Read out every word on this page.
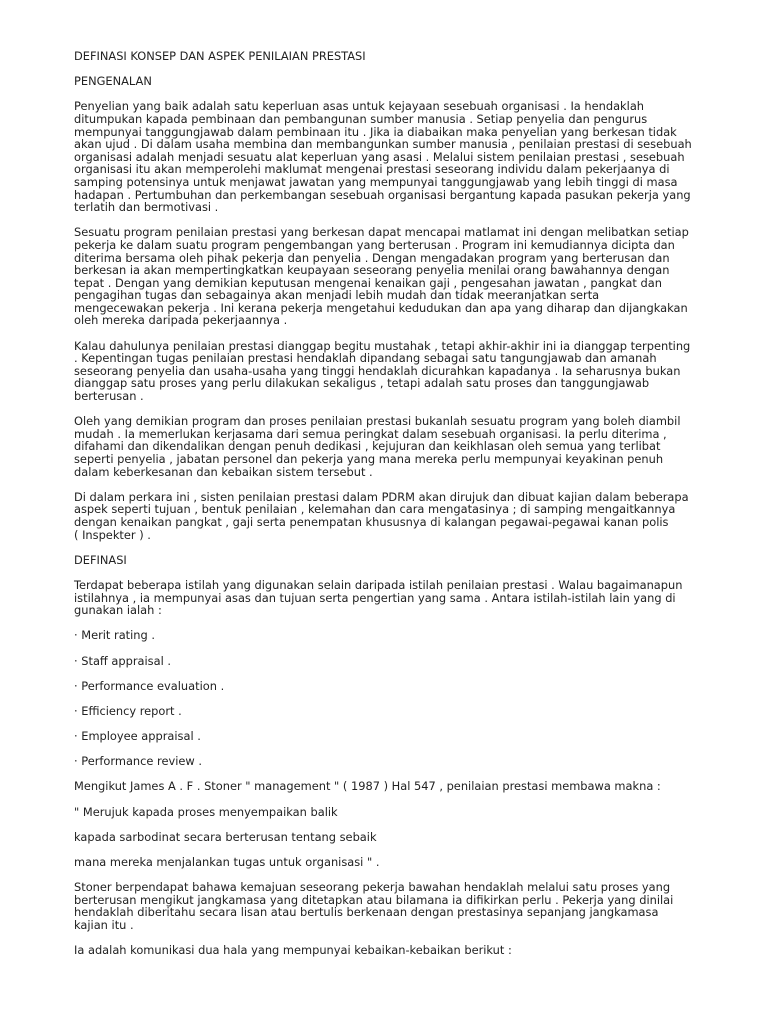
DEFINASI KONSEP DAN ASPEK PENILAIAN PRESTASI

PENGENALAN

Penyelian yang baik adalah satu keperluan asas untuk kejayaan sesebuah organisasi . Ia hendaklah
ditumpukan kapada pembinaan dan pembangunan sumber manusia . Setiap penyelia dan pengurus
mempunyai tanggungjawab dalam pembinaan itu . Jika ia diabaikan maka penyelian yang berkesan tidak
akan ujud . Di dalam usaha membina dan membangunkan sumber manusia , penilaian prestasi di sesebuah
organisasi adalah menjadi sesuatu alat keperluan yang asasi . Melalui sistem penilaian prestasi , sesebuah
organisasi itu akan memperolehi maklumat mengenai prestasi seseorang individu dalam pekerjaanya di
samping potensinya untuk menjawat jawatan yang mempunyai tanggungjawab yang lebih tinggi di masa
hadapan . Pertumbuhan dan perkembangan sesebuah organisasi bergantung kapada pasukan pekerja yang
terlatih dan bermotivasi .

Sesuatu program penilaian prestasi yang berkesan dapat mencapai matlamat ini dengan melibatkan setiap
pekerja ke dalam suatu program pengembangan yang berterusan . Program ini kemudiannya dicipta dan
diterima bersama oleh pihak pekerja dan penyelia . Dengan mengadakan program yang berterusan dan
berkesan ia akan mempertingkatkan keupayaan seseorang penyelia menilai orang bawahannya dengan
tepat . Dengan yang demikian keputusan mengenai kenaikan gaji , pengesahan jawatan , pangkat dan
pengagihan tugas dan sebagainya akan menjadi lebih mudah dan tidak meeranjatkan serta
mengecewakan pekerja . Ini kerana pekerja mengetahui kedudukan dan apa yang diharap dan dijangkakan
oleh mereka daripada pekerjaannya .

Kalau dahulunya penilaian prestasi dianggap begitu mustahak , tetapi akhir-akhir ini ia dianggap terpenting
. Kepentingan tugas penilaian prestasi hendaklah dipandang sebagai satu tangungjawab dan amanah
seseorang penyelia dan usaha-usaha yang tinggi hendaklah dicurahkan kapadanya . Ia seharusnya bukan
dianggap satu proses yang perlu dilakukan sekaligus , tetapi adalah satu proses dan tanggungjawab
berterusan .

Oleh yang demikian program dan proses penilaian prestasi bukanlah sesuatu program yang boleh diambil
mudah . Ia memerlukan kerjasama dari semua peringkat dalam sesebuah organisasi. Ia perlu diterima ,
difahami dan dikendalikan dengan penuh dedikasi , kejujuran dan keikhlasan oleh semua yang terlibat
seperti penyelia , jabatan personel dan pekerja yang mana mereka perlu mempunyai keyakinan penuh
dalam keberkesanan dan kebaikan sistem tersebut .

Di dalam perkara ini , sisten penilaian prestasi dalam PDRM akan dirujuk dan dibuat kajian dalam beberapa
aspek seperti tujuan , bentuk penilaian , kelemahan dan cara mengatasinya ; di samping mengaitkannya
dengan kenaikan pangkat , gaji serta penempatan khususnya di kalangan pegawai-pegawai kanan polis
( Inspekter ) .

DEFINASI

Terdapat beberapa istilah yang digunakan selain daripada istilah penilaian prestasi . Walau bagaimanapun
istilahnya , ia mempunyai asas dan tujuan serta pengertian yang sama . Antara istilah-istilah lain yang di
gunakan ialah :

· Merit rating .

· Staff appraisal .

· Performance evaluation .

· Efficiency report .

· Employee appraisal .

· Performance review .

Mengikut James A . F . Stoner " management " ( 1987 ) Hal 547 , penilaian prestasi membawa makna :

" Merujuk kapada proses menyempaikan balik

kapada sarbodinat secara berterusan tentang sebaik

mana mereka menjalankan tugas untuk organisasi " .

Stoner berpendapat bahawa kemajuan seseorang pekerja bawahan hendaklah melalui satu proses yang
berterusan mengikut jangkamasa yang ditetapkan atau bilamana ia difikirkan perlu . Pekerja yang dinilai
hendaklah diberitahu secara lisan atau bertulis berkenaan dengan prestasinya sepanjang jangkamasa
kajian itu .

Ia adalah komunikasi dua hala yang mempunyai kebaikan-kebaikan berikut :
